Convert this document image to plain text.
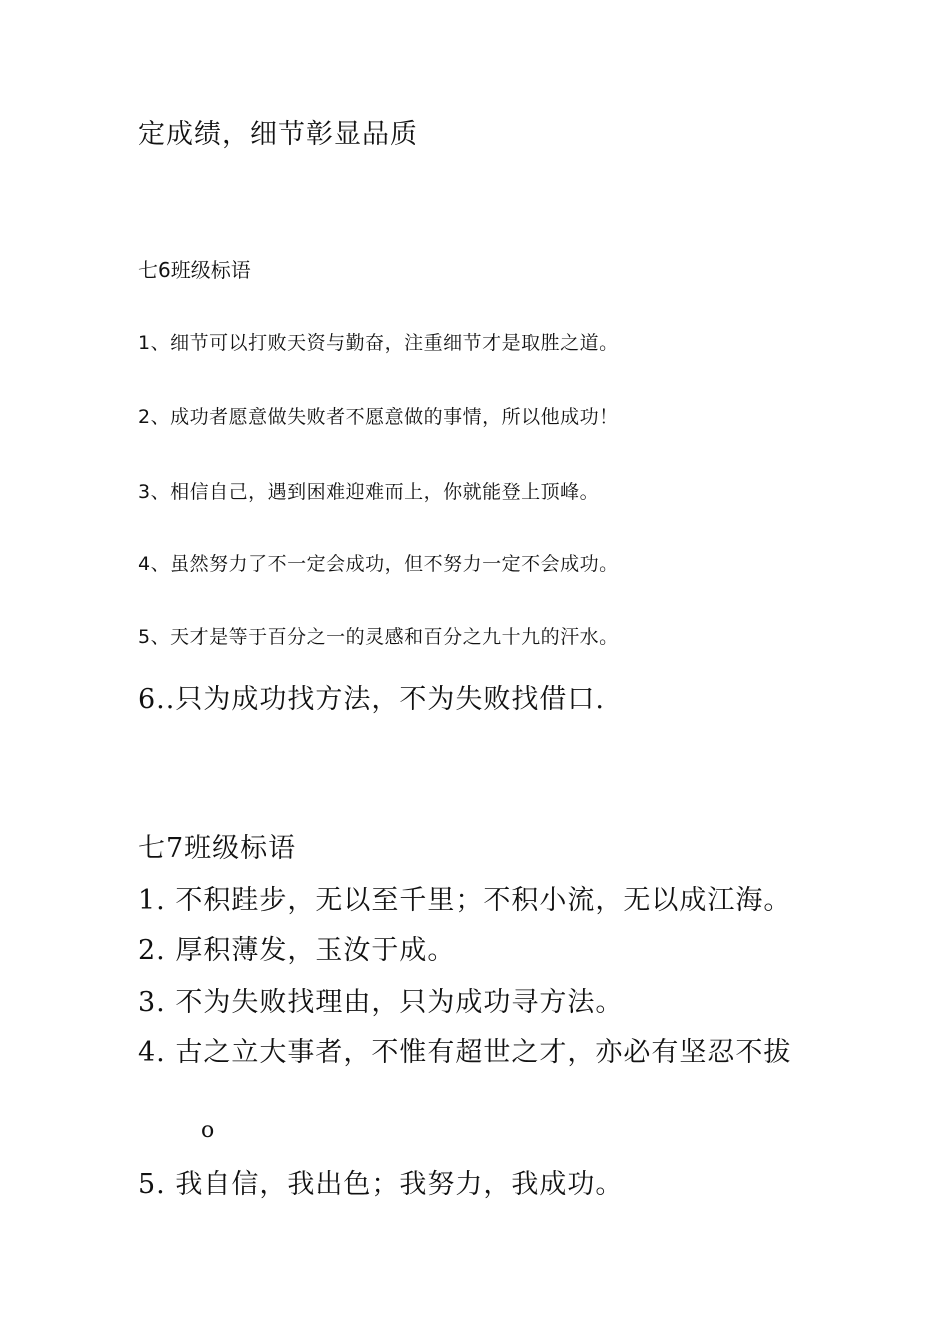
定成绩，细节彰显品质

七6班级标语

1、细节可以打败天资与勤奋，注重细节才是取胜之道。

2、成功者愿意做失败者不愿意做的事情，所以他成功！

3、相信自己，遇到困难迎难而上，你就能登上顶峰。

4、虽然努力了不一定会成功，但不努力一定不会成功。

5、天才是等于百分之一的灵感和百分之九十九的汗水。

6..只为成功找方法，不为失败找借口.

七7班级标语

1. 不积跬步，无以至千里；不积小流，无以成江海。

2. 厚积薄发，玉汝于成。

3. 不为失败找理由，只为成功寻方法。

4. 古之立大事者，不惟有超世之才，亦必有坚忍不拔

o

5. 我自信，我出色；我努力，我成功。
